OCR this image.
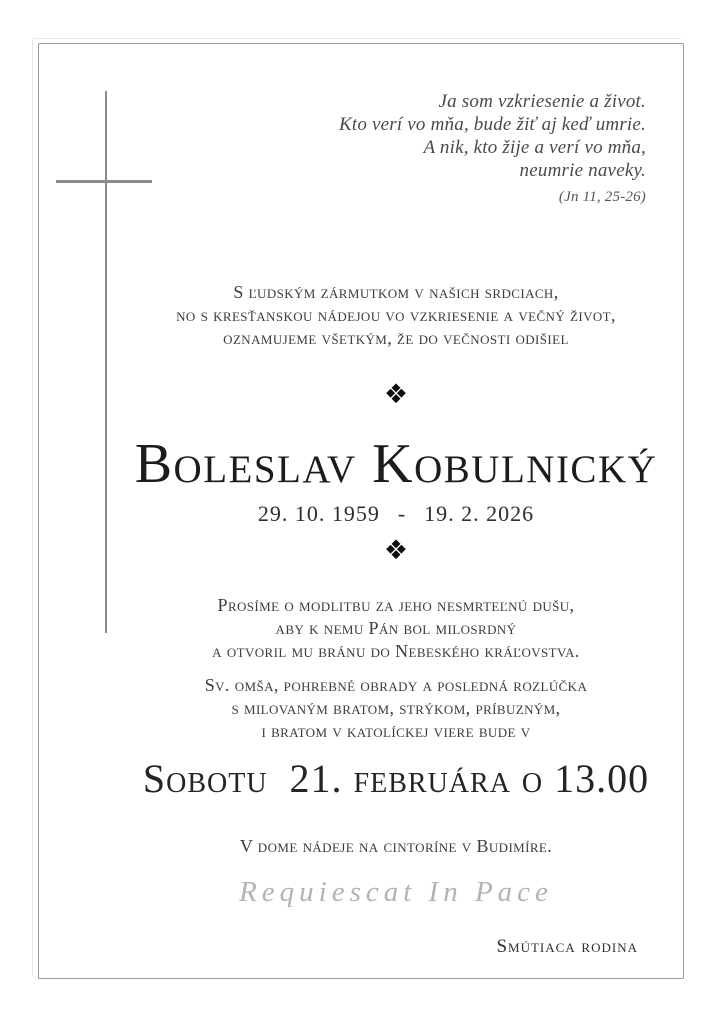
Ja som vzkriesenie a život.
Kto verí vo mňa, bude žiť aj keď umrie.
A nik, kto žije a verí vo mňa,
neumrie naveky.
(Jn 11, 25-26)
S ľudským zármutkom v našich srdciach,
no s kresťanskou nádejou vo vzkriesenie a večný život,
oznamujeme všetkým, že do večnosti odišiel
❖
Boleslav Kobulnický
29. 10. 1959 - 19. 2. 2026
❖
Prosíme o modlitbu za jeho nesmrteľnú dušu,
aby k nemu Pán bol milosrdný
a otvoril mu bránu do Nebeského kráľovstva.
Sv. omša, pohrebné obrady a posledná rozlúčka
s milovaným bratom, strýkom, príbuzným,
i bratom v katolíckej viere bude v
Sobotu  21. februára o 13.00
V dome nádeje na cintoríne v Budimíre.
Requiescat In Pace
Smútiaca rodina
